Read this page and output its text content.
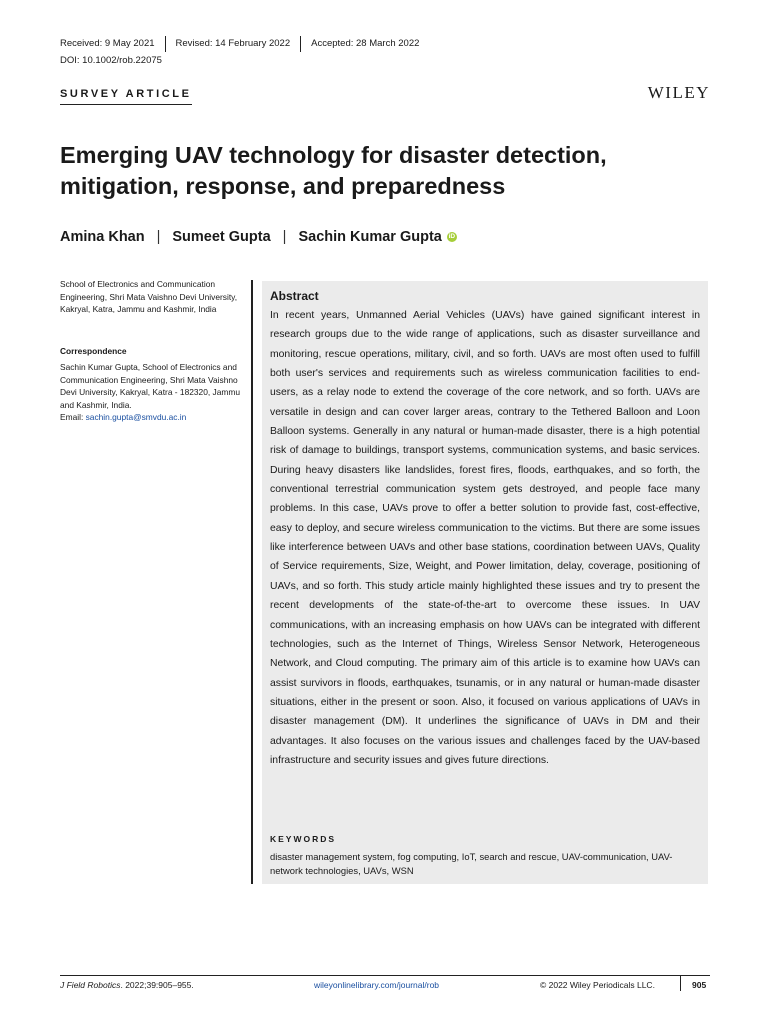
Received: 9 May 2021	Revised: 14 February 2022	Accepted: 28 March 2022
DOI: 10.1002/rob.22075
SURVEY ARTICLE	WILEY
Emerging UAV technology for disaster detection, mitigation, response, and preparedness
Amina Khan | Sumeet Gupta | Sachin Kumar Gupta iD
School of Electronics and Communication Engineering, Shri Mata Vaishno Devi University, Kakryal, Katra, Jammu and Kashmir, India
Correspondence
Sachin Kumar Gupta, School of Electronics and Communication Engineering, Shri Mata Vaishno Devi University, Kakryal, Katra - 182320, Jammu and Kashmir, India.
Email: sachin.gupta@smvdu.ac.in
Abstract

In recent years, Unmanned Aerial Vehicles (UAVs) have gained significant interest in research groups due to the wide range of applications, such as disaster surveillance and monitoring, rescue operations, military, civil, and so forth. UAVs are most often used to fulfill both user's services and requirements such as wireless communication facilities to end-users, as a relay node to extend the coverage of the core network, and so forth. UAVs are versatile in design and can cover larger areas, contrary to the Tethered Balloon and Loon Balloon systems. Generally in any natural or human-made disaster, there is a high potential risk of damage to buildings, transport systems, communication systems, and basic services. During heavy disasters like landslides, forest fires, floods, earthquakes, and so forth, the conventional terrestrial communication system gets destroyed, and people face many problems. In this case, UAVs prove to offer a better solution to provide fast, cost-effective, easy to deploy, and secure wireless communication to the victims. But there are some issues like interference between UAVs and other base stations, coordination between UAVs, Quality of Service requirements, Size, Weight, and Power limitation, delay, coverage, positioning of UAVs, and so forth. This study article mainly highlighted these issues and try to present the recent developments of the state-of-the-art to overcome these issues. In UAV communications, with an increasing emphasis on how UAVs can be integrated with different technologies, such as the Internet of Things, Wireless Sensor Network, Heterogeneous Network, and Cloud computing. The primary aim of this article is to examine how UAVs can assist survivors in floods, earthquakes, tsunamis, or in any natural or human-made disaster situations, either in the present or soon. Also, it focused on various applications of UAVs in disaster management (DM). It underlines the significance of UAVs in DM and their advantages. It also focuses on the various issues and challenges faced by the UAV-based infrastructure and security issues and gives future directions.

KEYWORDS
disaster management system, fog computing, IoT, search and rescue, UAV-communication, UAV-network technologies, UAVs, WSN
J Field Robotics. 2022;39:905–955.	wileyonlinelibrary.com/journal/rob	© 2022 Wiley Periodicals LLC.	905
